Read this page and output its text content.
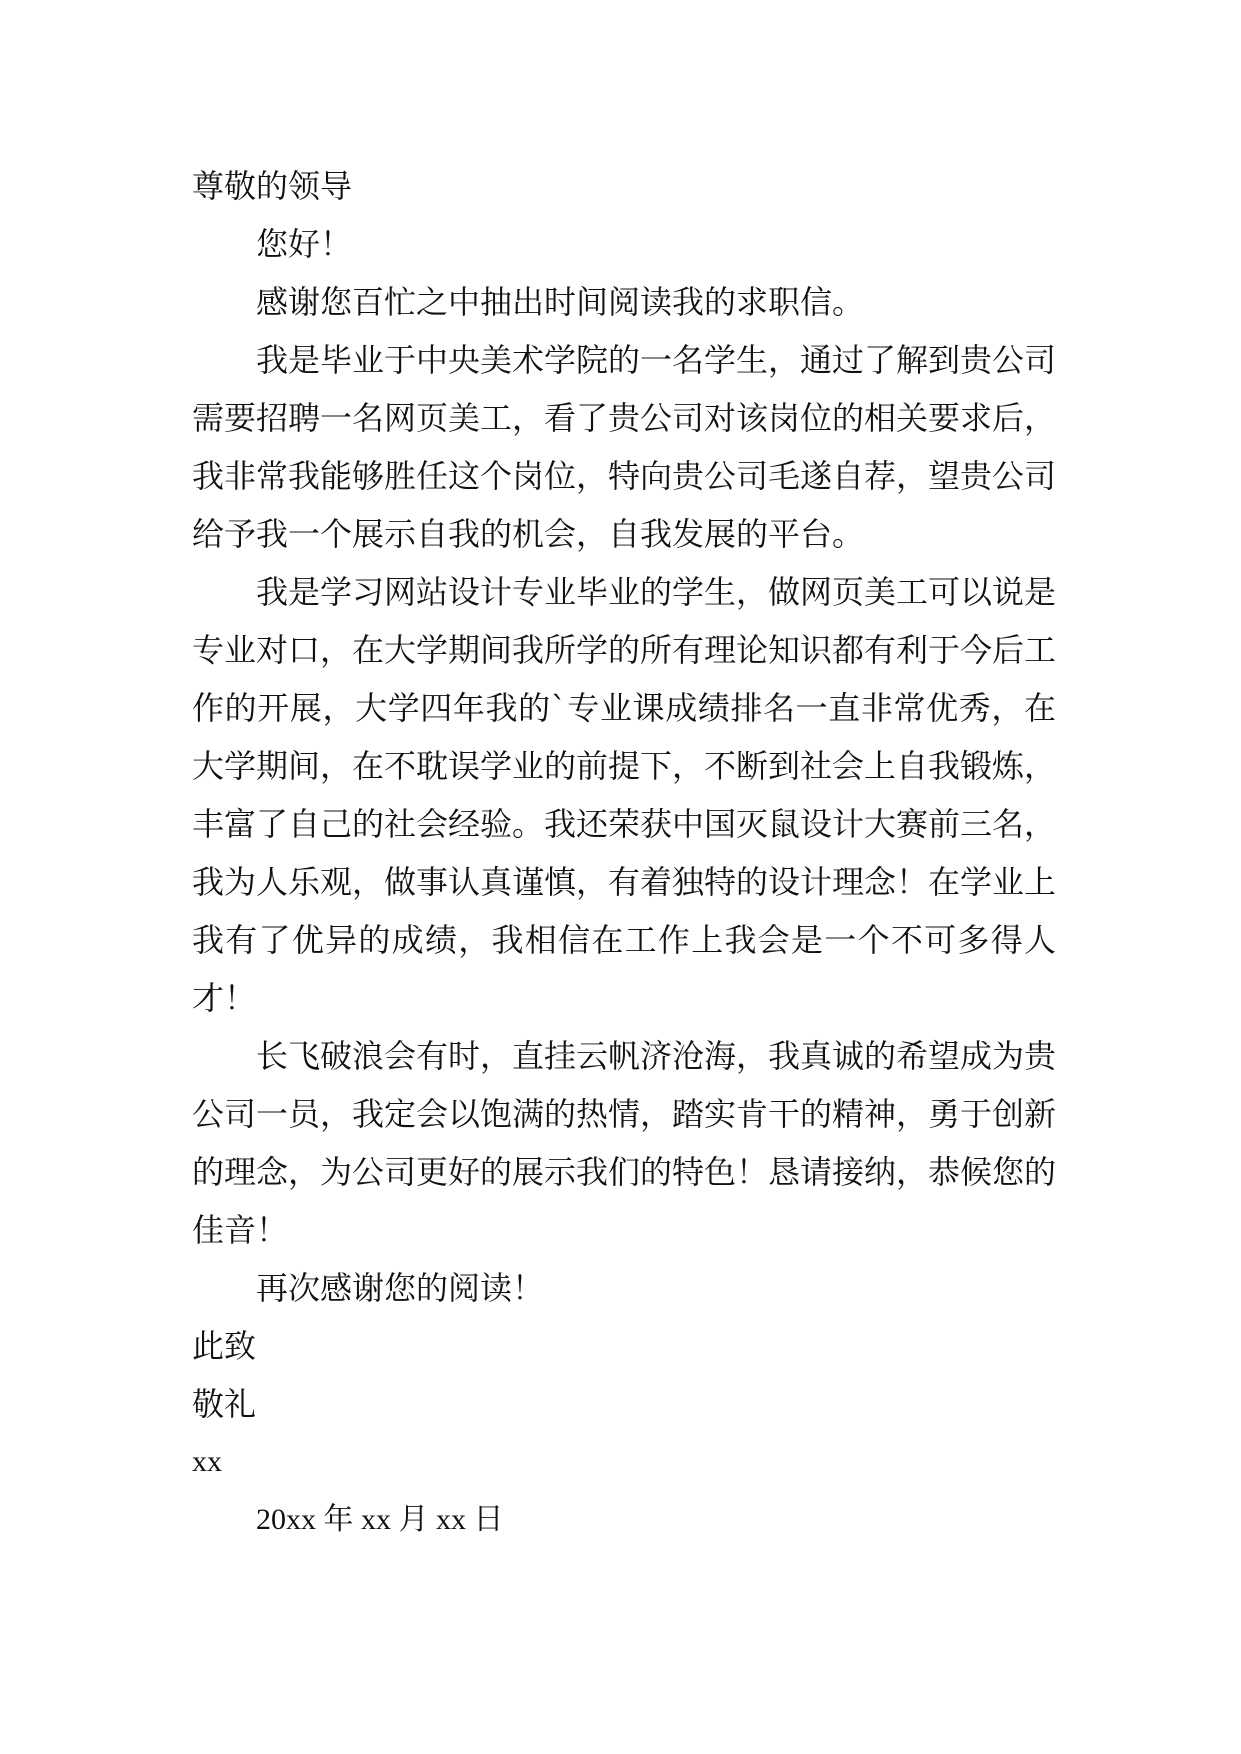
尊敬的领导

您好！

感谢您百忙之中抽出时间阅读我的求职信。

我是毕业于中央美术学院的一名学生，通过了解到贵公司需要招聘一名网页美工，看了贵公司对该岗位的相关要求后，我非常我能够胜任这个岗位，特向贵公司毛遂自荐，望贵公司给予我一个展示自我的机会，自我发展的平台。

我是学习网站设计专业毕业的学生，做网页美工可以说是专业对口，在大学期间我所学的所有理论知识都有利于今后工作的开展，大学四年我的`专业课成绩排名一直非常优秀，在大学期间，在不耽误学业的前提下，不断到社会上自我锻炼，丰富了自己的社会经验。我还荣获中国灭鼠设计大赛前三名，我为人乐观，做事认真谨慎，有着独特的设计理念！在学业上我有了优异的成绩，我相信在工作上我会是一个不可多得人才！

长飞破浪会有时，直挂云帆济沧海，我真诚的希望成为贵公司一员，我定会以饱满的热情，踏实肯干的精神，勇于创新的理念，为公司更好的展示我们的特色！恳请接纳，恭候您的佳音！

再次感谢您的阅读！

此致

敬礼

xx

20xx 年 xx 月 xx 日
